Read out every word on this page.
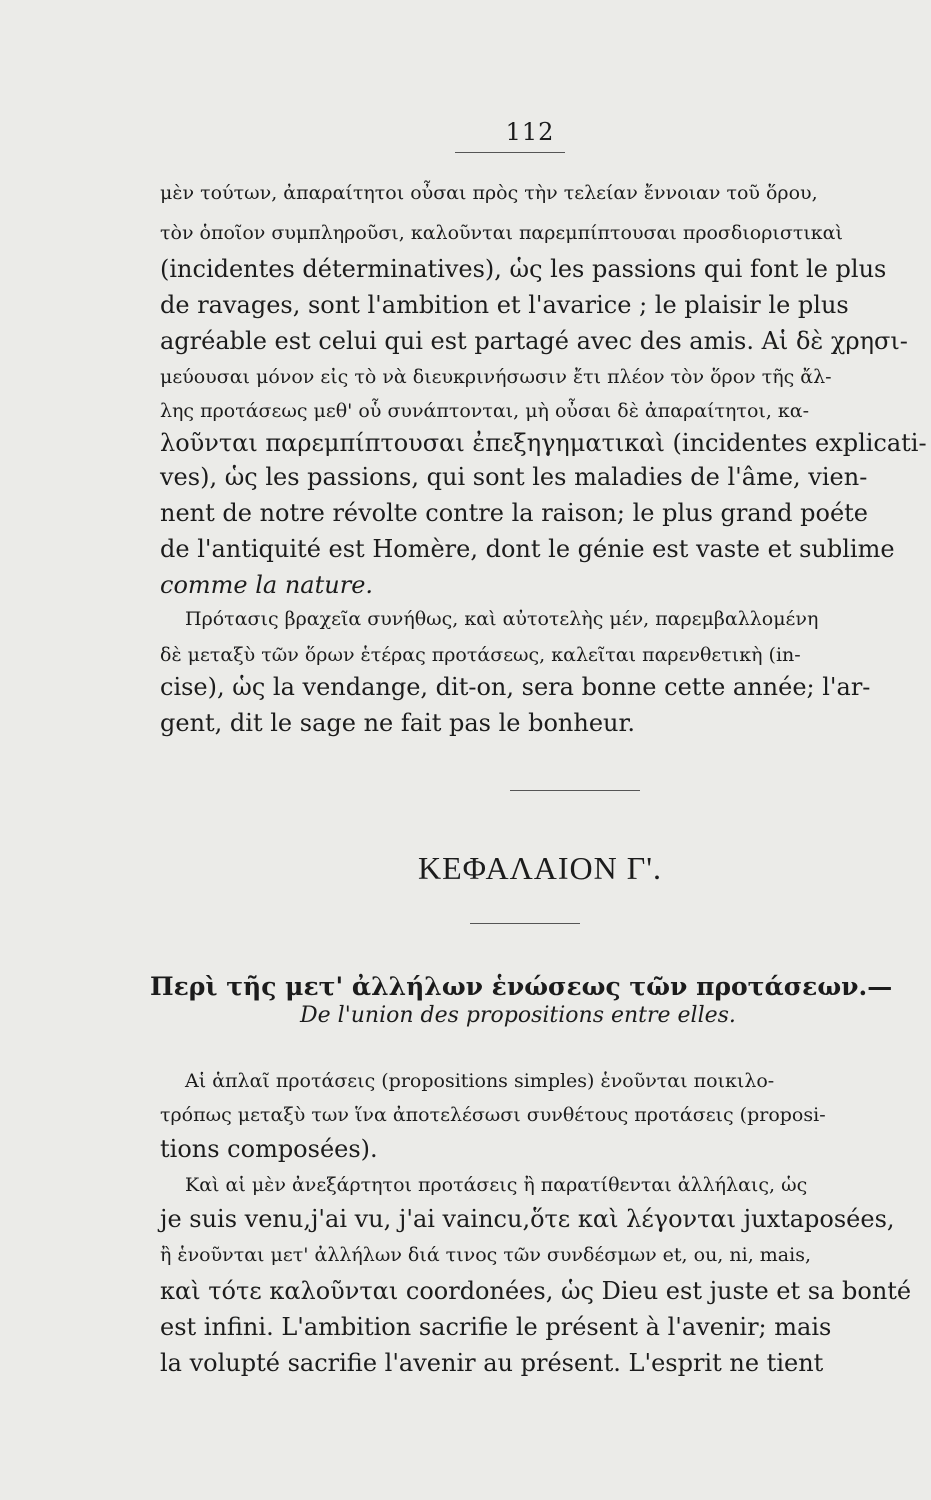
112
μὲν τούτων, ἀπαραίτητοι οὖσαι πρὸς τὴν τελείαν ἔννοιαν τοῦ ὅρου,
τὸν ὁποῖον συμπληροῦσι, καλοῦνται παρεμπίπτουσαι προσδιοριστικαὶ
(incidentes déterminatives), ὡς les passions qui font le plus
de ravages, sont l'ambition et l'avarice ; le plaisir le plus
agréable est celui qui est partagé avec des amis. Αἱ δὲ χρησι-
μεύουσαι μόνον εἰς τὸ νὰ διευκρινήσωσιν ἔτι πλέον τὸν ὅρον τῆς ἄλ-
λης προτάσεως μεθ' οὗ συνάπτονται, μὴ οὖσαι δὲ ἀπαραίτητοι, κα-
λοῦνται παρεμπίπτουσαι ἐπεξηγηματικαὶ (incidentes explicati-
ves), ὡς les passions, qui sont les maladies de l'âme, vien-
nent de notre révolte contre la raison; le plus grand poéte
de l'antiquité est Homère, dont le génie est vaste et sublime
comme la nature.
Πρότασις βραχεῖα συνήθως, καὶ αὐτοτελὴς μέν, παρεμβαλλομένη
δὲ μεταξὺ τῶν ὅρων ἑτέρας προτάσεως, καλεῖται παρενθετικὴ (in-
cise), ὡς la vendange, dit-on, sera bonne cette année; l'ar-
gent, dit le sage ne fait pas le bonheur.
ΚΕΦΑΛΑΙΟΝ Γ'.
Περὶ τῆς μετ' ἀλλήλων ἑνώσεως τῶν προτάσεων.—
De l'union des propositions entre elles.
Αἱ ἁπλαῖ προτάσεις (propositions simples) ἑνοῦνται ποικιλο-
τρόπως μεταξὺ των ἵνα ἀποτελέσωσι συνθέτους προτάσεις (proposi-
tions composées).
Καὶ αἱ μὲν ἀνεξάρτητοι προτάσεις ἢ παρατίθενται ἀλλήλαις, ὡς
je suis venu,j'ai vu, j'ai vaincu,ὅτε καὶ λέγονται juxtaposées,
ἢ ἑνοῦνται μετ' ἀλλήλων διά τινος τῶν συνδέσμων et, ou, ni, mais,
καὶ τότε καλοῦνται coordonées, ὡς Dieu est juste et sa bonté
est infini. L'ambition sacrifie le présent à l'avenir; mais
la volupté sacrifie l'avenir au présent. L'esprit ne tient
